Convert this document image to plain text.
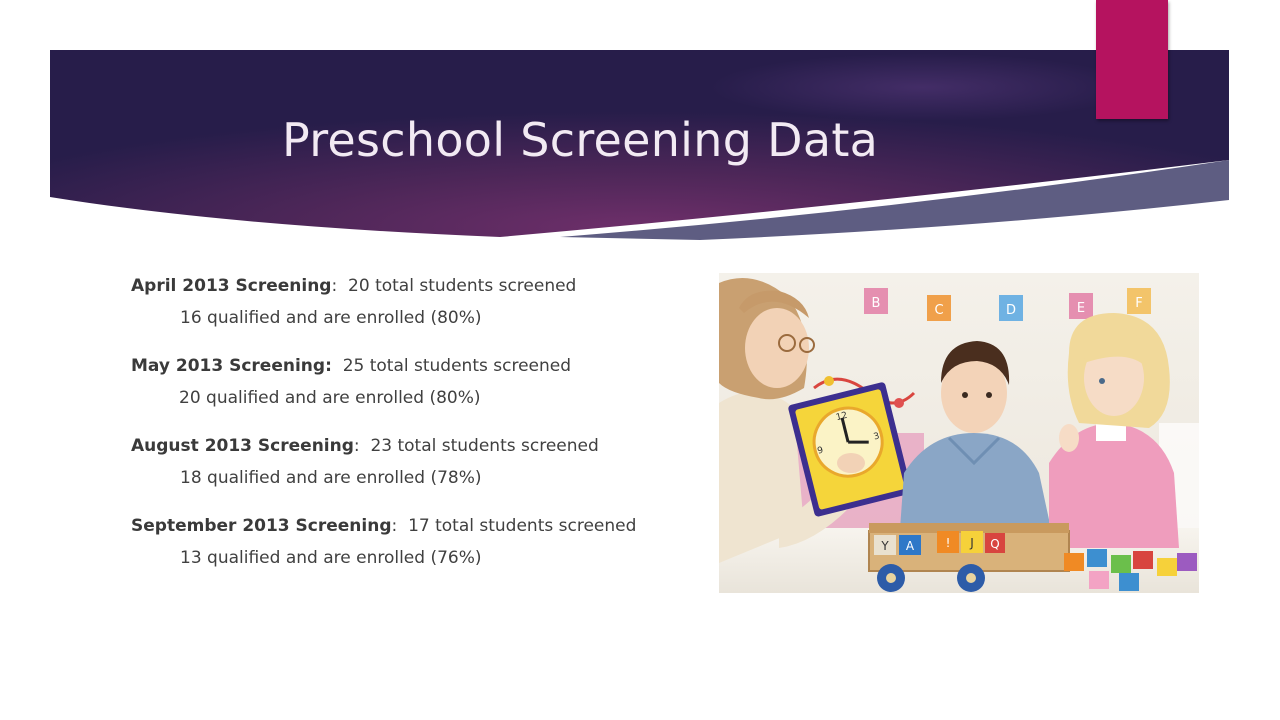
Preschool Screening Data
April 2013 Screening: 20 total students screened
16 qualified and are enrolled (80%)
May 2013 Screening: 25 total students screened
20 qualified and are enrolled (80%)
August 2013 Screening: 23 total students screened
18 qualified and are enrolled (78%)
September 2013 Screening: 17 total students screened
13 qualified and are enrolled (76%)
B	C	D	E	F
12
3
9
Y A	! J Q
